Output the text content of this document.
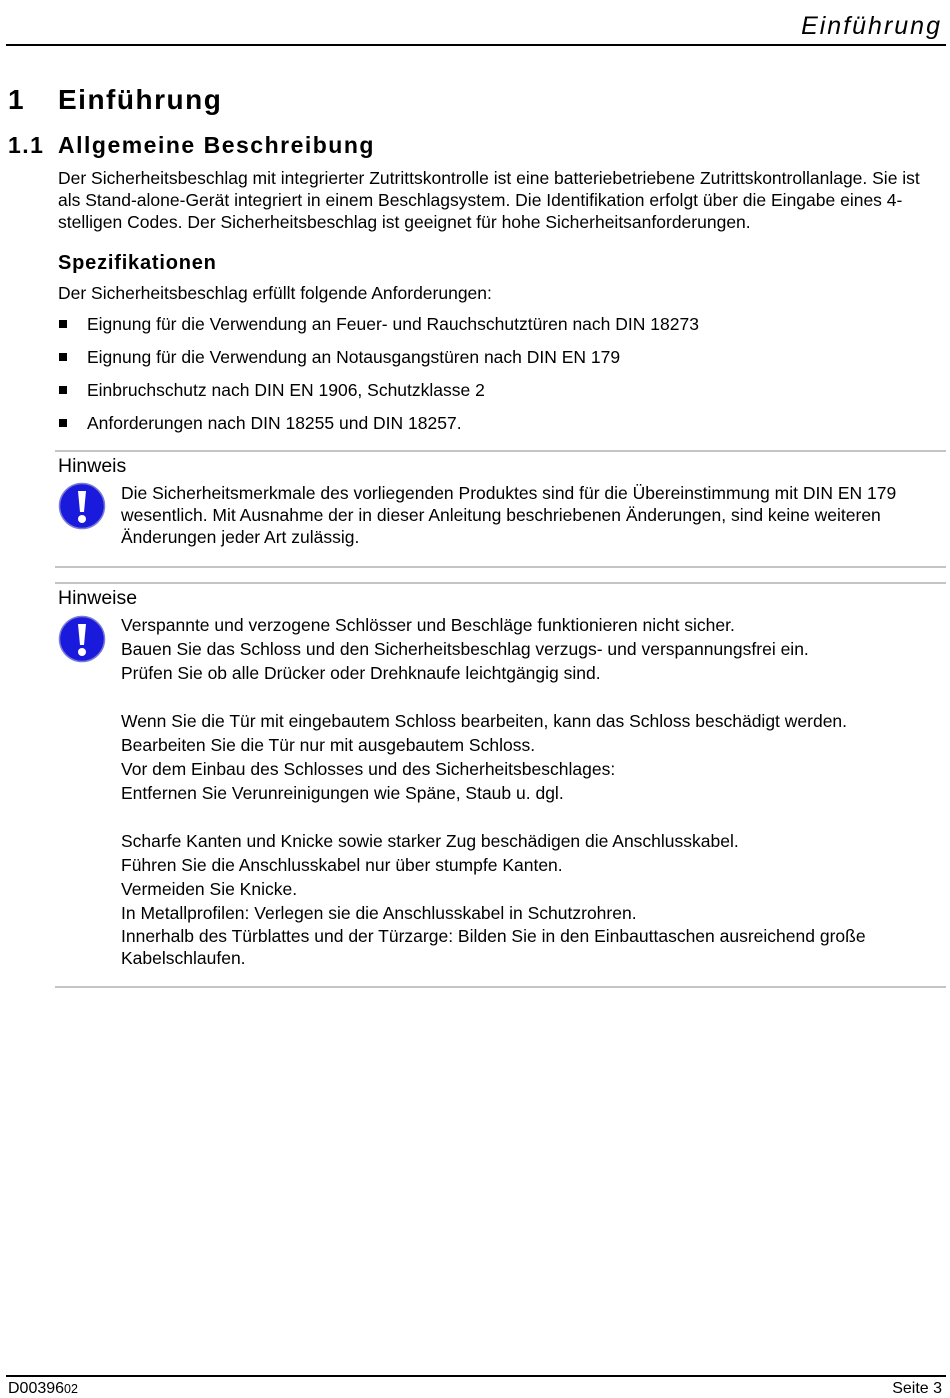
Einführung
1 Einführung
1.1 Allgemeine Beschreibung
Der Sicherheitsbeschlag mit integrierter Zutrittskontrolle ist eine batteriebetriebene Zutrittskontrollanlage. Sie ist als Stand-alone-Gerät integriert in einem Beschlagsystem. Die Identifikation erfolgt über die Eingabe eines 4-stelligen Codes. Der Sicherheitsbeschlag ist geeignet für hohe Sicherheitsanforderungen.
Spezifikationen
Der Sicherheitsbeschlag erfüllt folgende Anforderungen:
Eignung für die Verwendung an Feuer- und Rauchschutztüren nach DIN 18273
Eignung für die Verwendung an Notausgangstüren nach DIN EN 179
Einbruchschutz nach DIN EN 1906, Schutzklasse 2
Anforderungen nach DIN 18255 und DIN 18257.
Hinweis
Die Sicherheitsmerkmale des vorliegenden Produktes sind für die Übereinstimmung mit DIN EN 179 wesentlich. Mit Ausnahme der in dieser Anleitung beschriebenen Änderungen, sind keine weiteren Änderungen jeder Art zulässig.
Hinweise
Verspannte und verzogene Schlösser und Beschläge funktionieren nicht sicher.
Bauen Sie das Schloss und den Sicherheitsbeschlag verzugs- und verspannungsfrei ein.
Prüfen Sie ob alle Drücker oder Drehknaufe leichtgängig sind.
Wenn Sie die Tür mit eingebautem Schloss bearbeiten, kann das Schloss beschädigt werden.
Bearbeiten Sie die Tür nur mit ausgebautem Schloss.
Vor dem Einbau des Schlosses und des Sicherheitsbeschlages:
Entfernen Sie Verunreinigungen wie Späne, Staub u. dgl.
Scharfe Kanten und Knicke sowie starker Zug beschädigen die Anschlusskabel.
Führen Sie die Anschlusskabel nur über stumpfe Kanten.
Vermeiden Sie Knicke.
In Metallprofilen: Verlegen sie die Anschlusskabel in Schutzrohren.
Innerhalb des Türblattes und der Türzarge: Bilden Sie in den Einbauttaschen ausreichend große Kabelschlaufen.
D0039602	Seite 3
